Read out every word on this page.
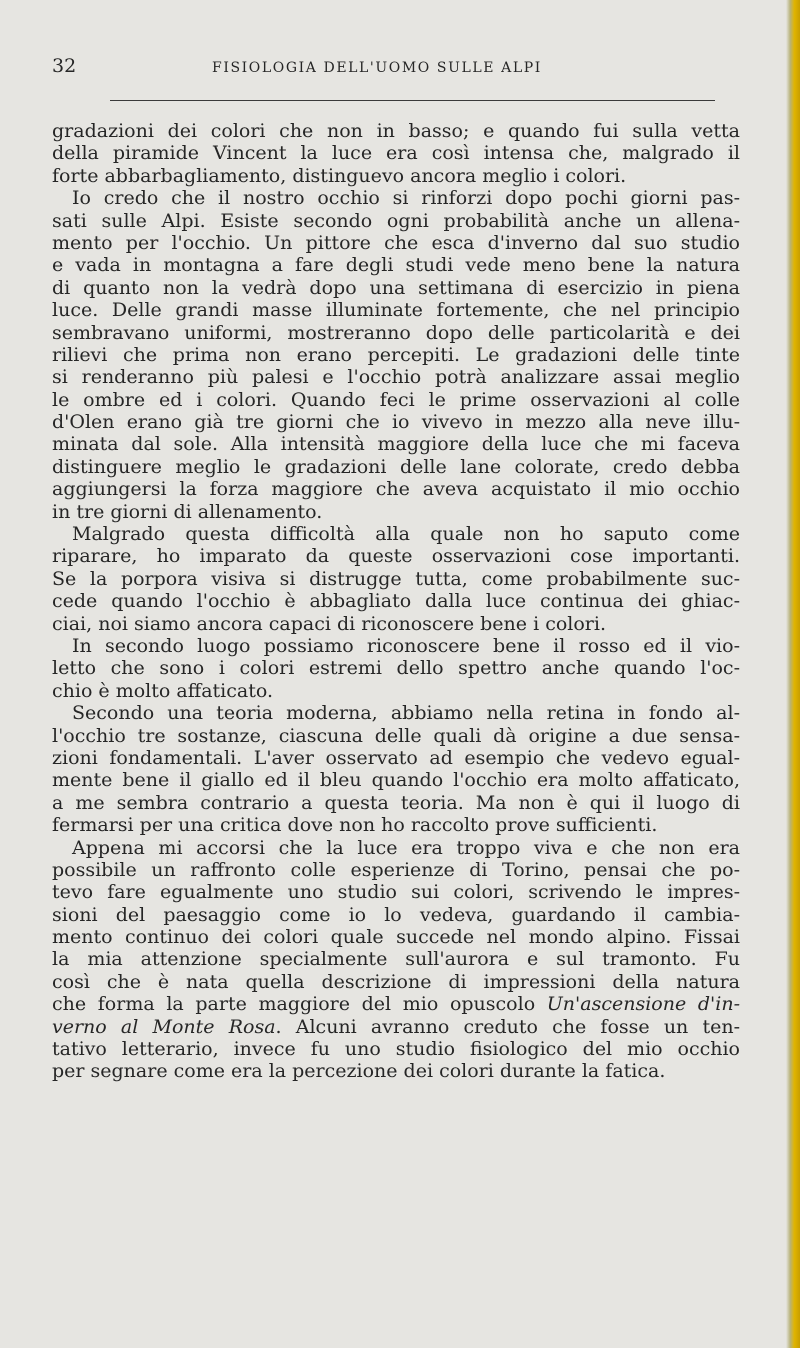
32	FISIOLOGIA DELL'UOMO SULLE ALPI
gradazioni dei colori che non in basso; e quando fui sulla vetta
della piramide Vincent la luce era così intensa che, malgrado il
forte abbarbagliamento, distinguevo ancora meglio i colori.
Io credo che il nostro occhio si rinforzi dopo pochi giorni pas-
sati sulle Alpi. Esiste secondo ogni probabilità anche un allena-
mento per l'occhio. Un pittore che esca d'inverno dal suo studio
e vada in montagna a fare degli studi vede meno bene la natura
di quanto non la vedrà dopo una settimana di esercizio in piena
luce. Delle grandi masse illuminate fortemente, che nel principio
sembravano uniformi, mostreranno dopo delle particolarità e dei
rilievi che prima non erano percepiti. Le gradazioni delle tinte
si renderanno più palesi e l'occhio potrà analizzare assai meglio
le ombre ed i colori. Quando feci le prime osservazioni al colle
d'Olen erano già tre giorni che io vivevo in mezzo alla neve illu-
minata dal sole. Alla intensità maggiore della luce che mi faceva
distinguere meglio le gradazioni delle lane colorate, credo debba
aggiungersi la forza maggiore che aveva acquistato il mio occhio
in tre giorni di allenamento.
Malgrado questa difficoltà alla quale non ho saputo come
riparare, ho imparato da queste osservazioni cose importanti.
Se la porpora visiva si distrugge tutta, come probabilmente suc-
cede quando l'occhio è abbagliato dalla luce continua dei ghiac-
ciai, noi siamo ancora capaci di riconoscere bene i colori.
In secondo luogo possiamo riconoscere bene il rosso ed il vio-
letto che sono i colori estremi dello spettro anche quando l'oc-
chio è molto affaticato.
Secondo una teoria moderna, abbiamo nella retina in fondo al-
l'occhio tre sostanze, ciascuna delle quali dà origine a due sensa-
zioni fondamentali. L'aver osservato ad esempio che vedevo egual-
mente bene il giallo ed il bleu quando l'occhio era molto affaticato,
a me sembra contrario a questa teoria. Ma non è qui il luogo di
fermarsi per una critica dove non ho raccolto prove sufficienti.
Appena mi accorsi che la luce era troppo viva e che non era
possibile un raffronto colle esperienze di Torino, pensai che po-
tevo fare egualmente uno studio sui colori, scrivendo le impres-
sioni del paesaggio come io lo vedeva, guardando il cambia-
mento continuo dei colori quale succede nel mondo alpino. Fissai
la mia attenzione specialmente sull'aurora e sul tramonto. Fu
così che è nata quella descrizione di impressioni della natura
che forma la parte maggiore del mio opuscolo Un'ascensione d'in-
verno al Monte Rosa. Alcuni avranno creduto che fosse un ten-
tativo letterario, invece fu uno studio fisiologico del mio occhio
per segnare come era la percezione dei colori durante la fatica.
